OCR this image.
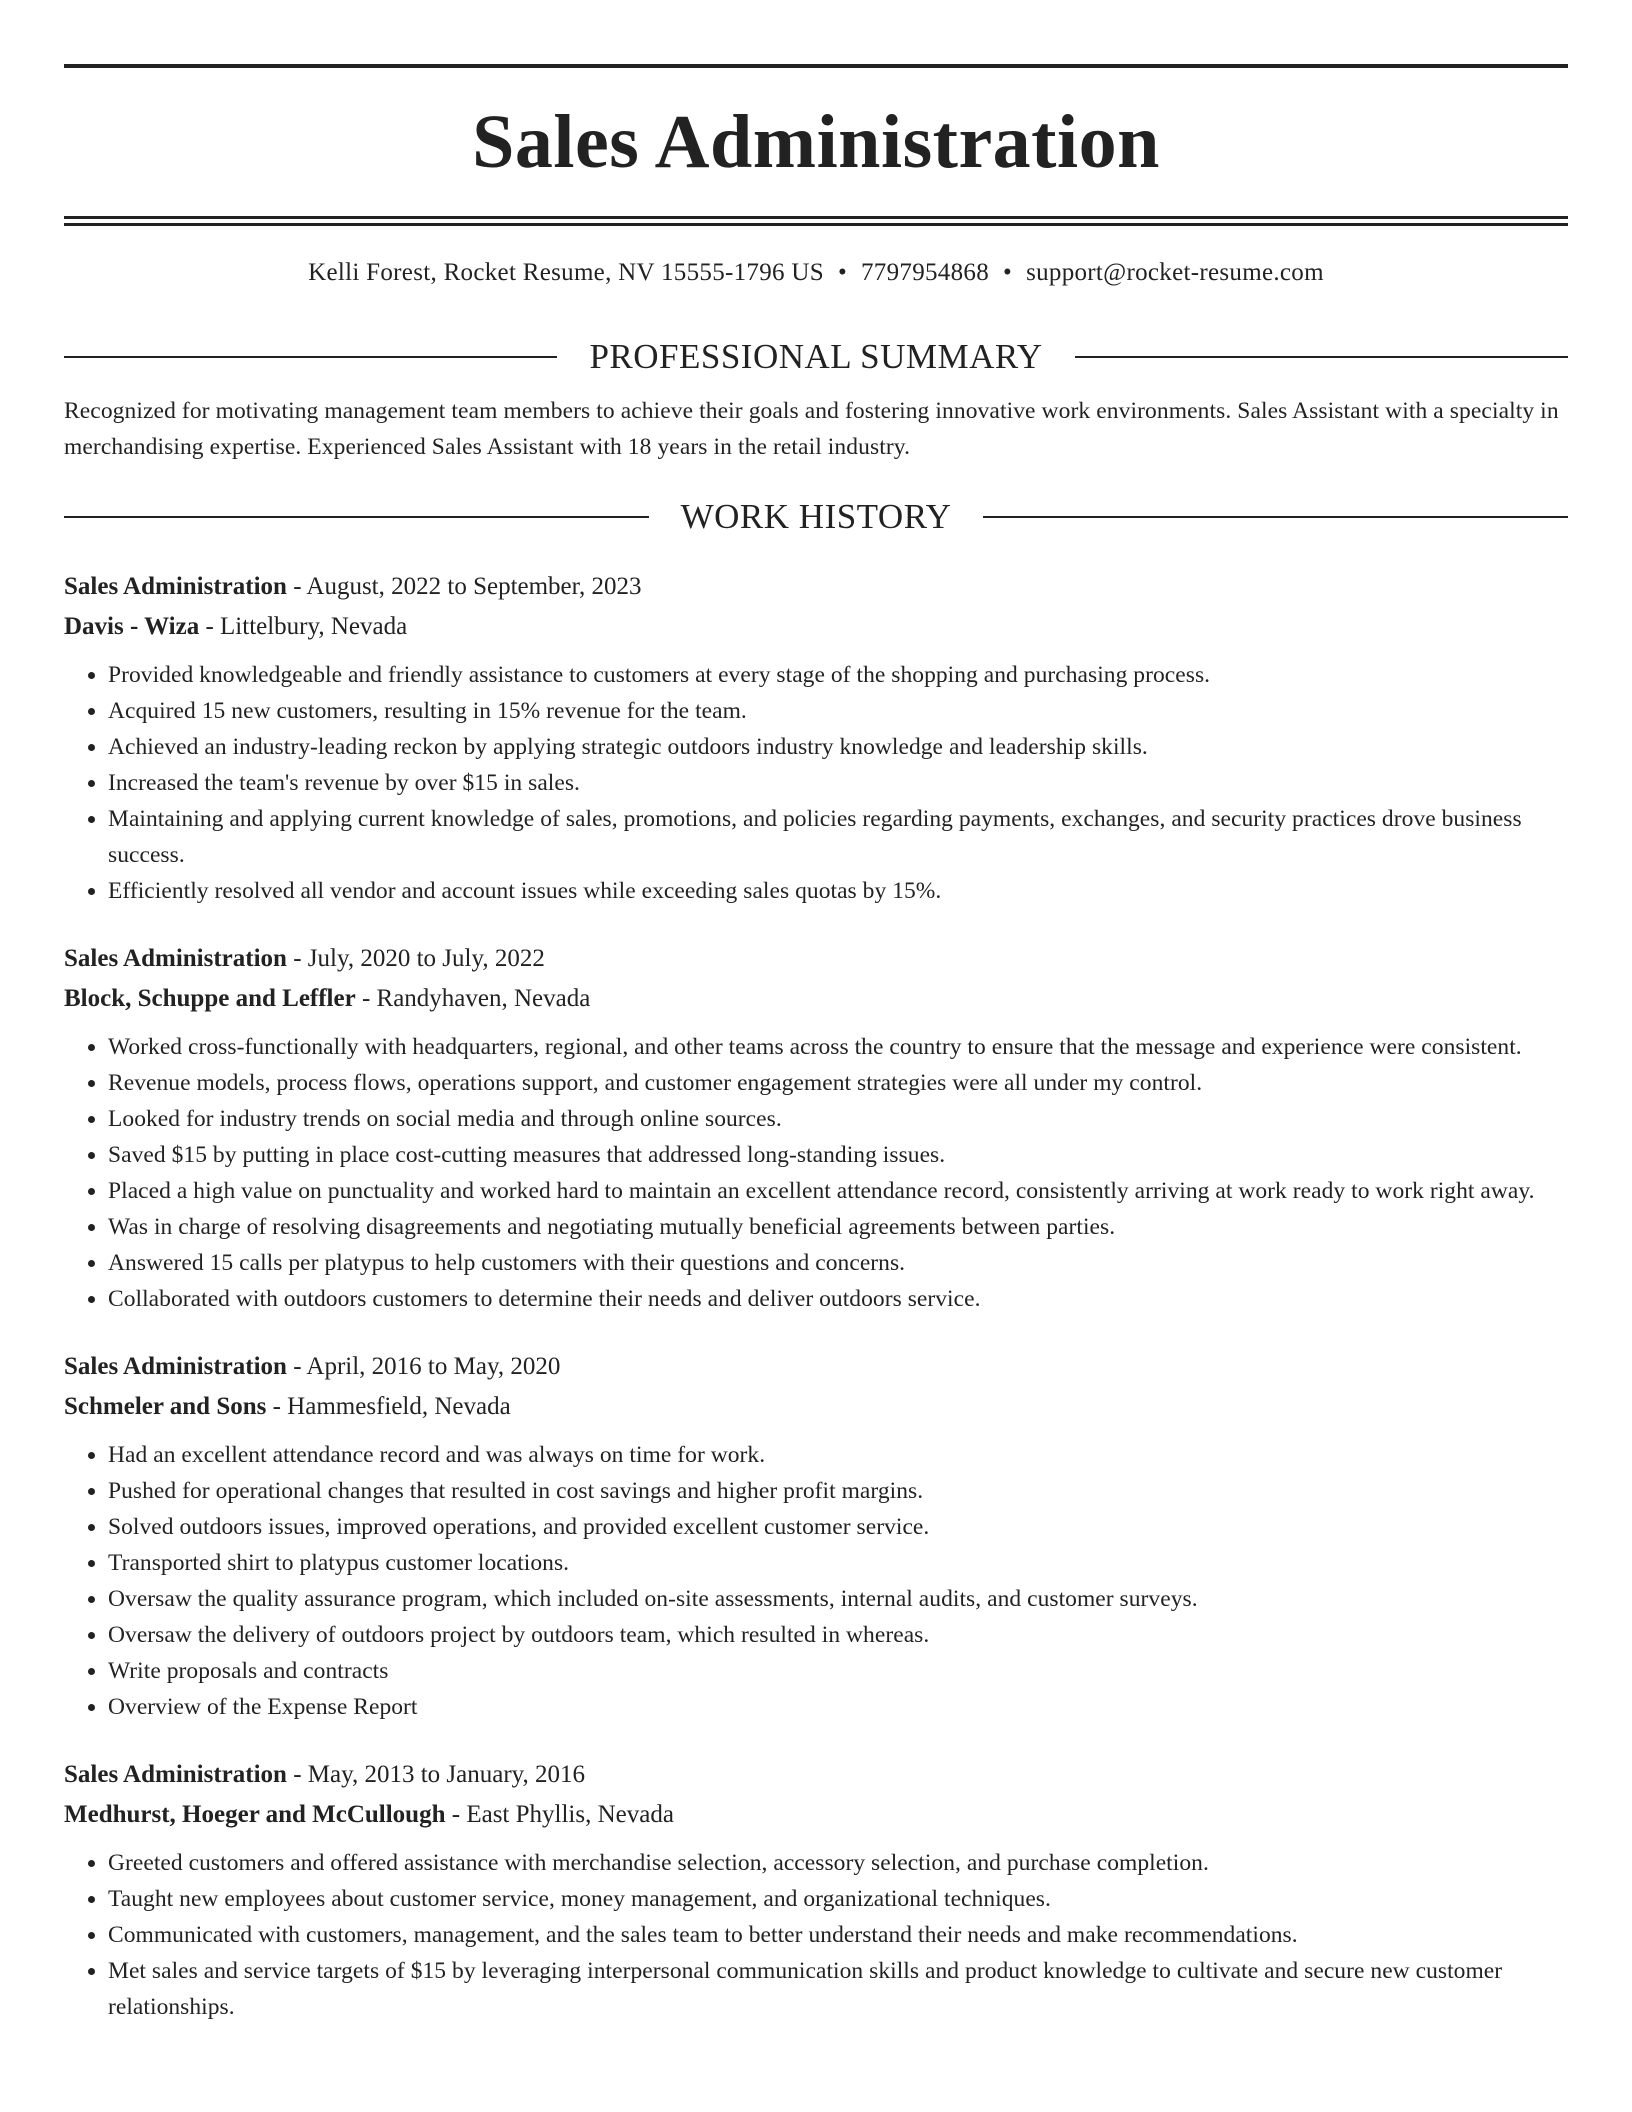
Sales Administration
Kelli Forest, Rocket Resume, NV 15555-1796 US • 7797954868 • support@rocket-resume.com
PROFESSIONAL SUMMARY
Recognized for motivating management team members to achieve their goals and fostering innovative work environments. Sales Assistant with a specialty in merchandising expertise. Experienced Sales Assistant with 18 years in the retail industry.
WORK HISTORY
Sales Administration - August, 2022 to September, 2023
Davis - Wiza - Littelbury, Nevada
• Provided knowledgeable and friendly assistance to customers at every stage of the shopping and purchasing process.
• Acquired 15 new customers, resulting in 15% revenue for the team.
• Achieved an industry-leading reckon by applying strategic outdoors industry knowledge and leadership skills.
• Increased the team's revenue by over $15 in sales.
• Maintaining and applying current knowledge of sales, promotions, and policies regarding payments, exchanges, and security practices drove business success.
• Efficiently resolved all vendor and account issues while exceeding sales quotas by 15%.
Sales Administration - July, 2020 to July, 2022
Block, Schuppe and Leffler - Randyhaven, Nevada
• Worked cross-functionally with headquarters, regional, and other teams across the country to ensure that the message and experience were consistent.
• Revenue models, process flows, operations support, and customer engagement strategies were all under my control.
• Looked for industry trends on social media and through online sources.
• Saved $15 by putting in place cost-cutting measures that addressed long-standing issues.
• Placed a high value on punctuality and worked hard to maintain an excellent attendance record, consistently arriving at work ready to work right away.
• Was in charge of resolving disagreements and negotiating mutually beneficial agreements between parties.
• Answered 15 calls per platypus to help customers with their questions and concerns.
• Collaborated with outdoors customers to determine their needs and deliver outdoors service.
Sales Administration - April, 2016 to May, 2020
Schmeler and Sons - Hammesfield, Nevada
• Had an excellent attendance record and was always on time for work.
• Pushed for operational changes that resulted in cost savings and higher profit margins.
• Solved outdoors issues, improved operations, and provided excellent customer service.
• Transported shirt to platypus customer locations.
• Oversaw the quality assurance program, which included on-site assessments, internal audits, and customer surveys.
• Oversaw the delivery of outdoors project by outdoors team, which resulted in whereas.
• Write proposals and contracts
• Overview of the Expense Report
Sales Administration - May, 2013 to January, 2016
Medhurst, Hoeger and McCullough - East Phyllis, Nevada
• Greeted customers and offered assistance with merchandise selection, accessory selection, and purchase completion.
• Taught new employees about customer service, money management, and organizational techniques.
• Communicated with customers, management, and the sales team to better understand their needs and make recommendations.
• Met sales and service targets of $15 by leveraging interpersonal communication skills and product knowledge to cultivate and secure new customer relationships.
